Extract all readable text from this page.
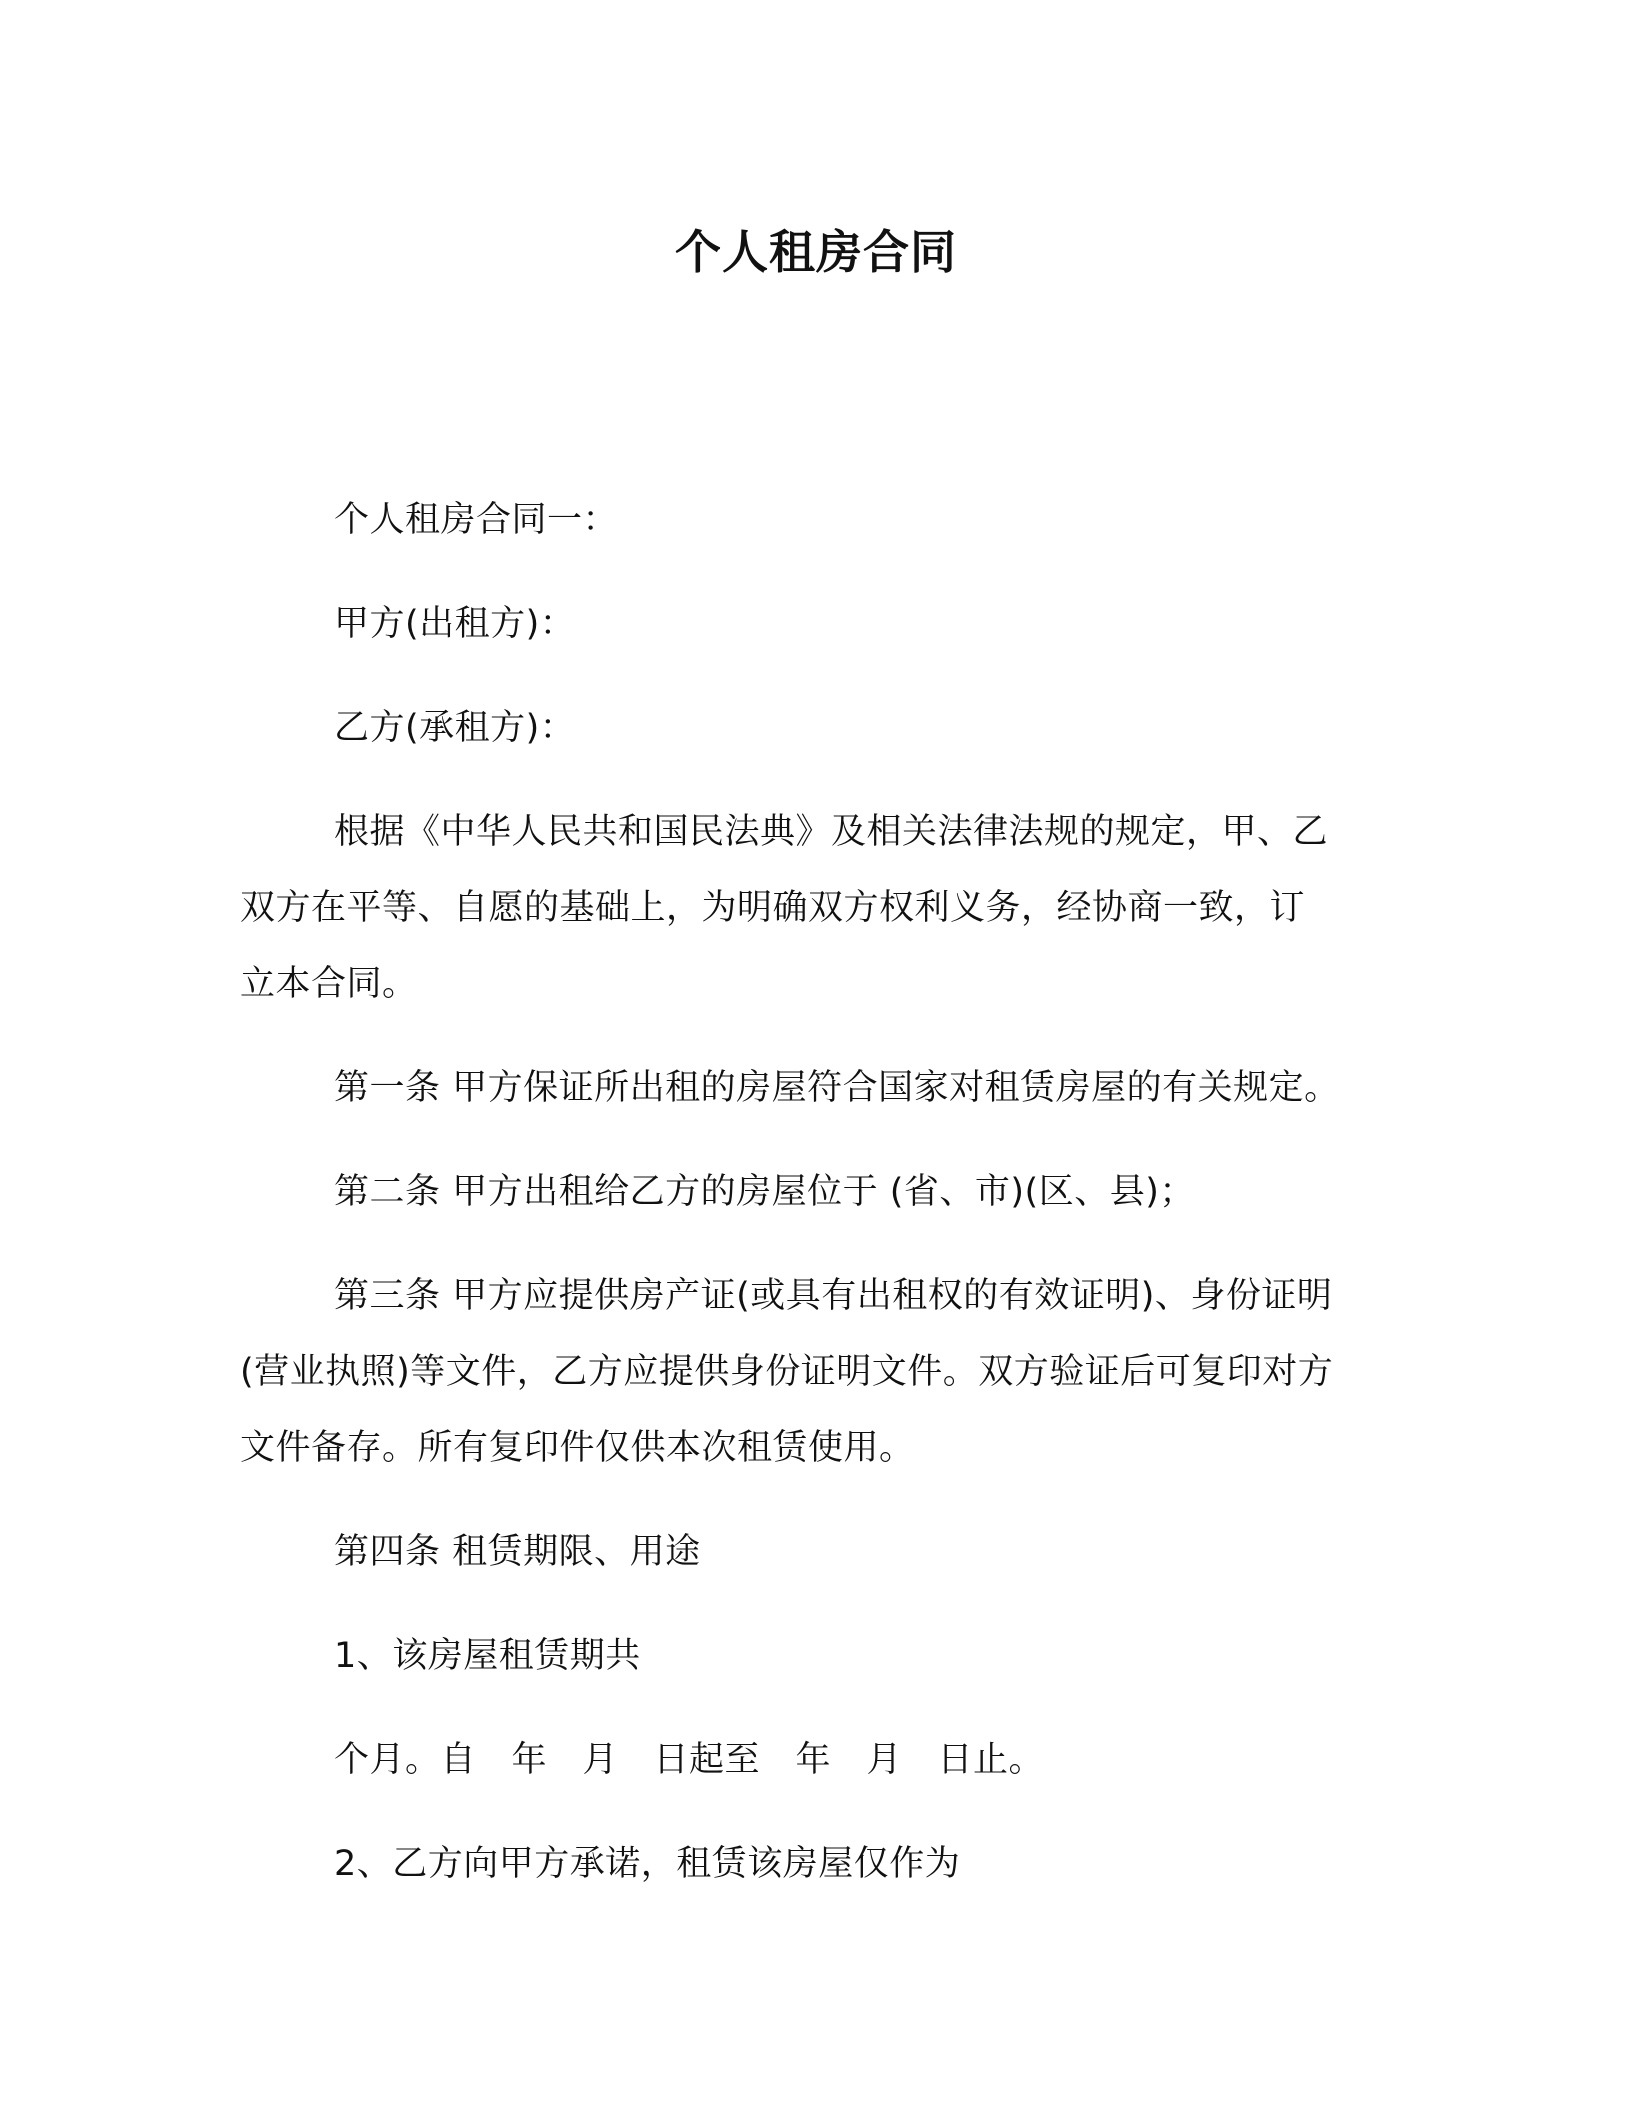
个人租房合同
个人租房合同一：
甲方(出租方)：
乙方(承租方)：
根据《中华人民共和国民法典》及相关法律法规的规定，甲、乙
双方在平等、自愿的基础上，为明确双方权利义务，经协商一致，订
立本合同。
第一条 甲方保证所出租的房屋符合国家对租赁房屋的有关规定。
第二条 甲方出租给乙方的房屋位于 (省、市)(区、县)；
第三条 甲方应提供房产证(或具有出租权的有效证明)、身份证明
(营业执照)等文件，乙方应提供身份证明文件。双方验证后可复印对方
文件备存。所有复印件仅供本次租赁使用。
第四条 租赁期限、用途
1、该房屋租赁期共
个月。自　年　月　日起至　年　月　日止。
2、乙方向甲方承诺，租赁该房屋仅作为
